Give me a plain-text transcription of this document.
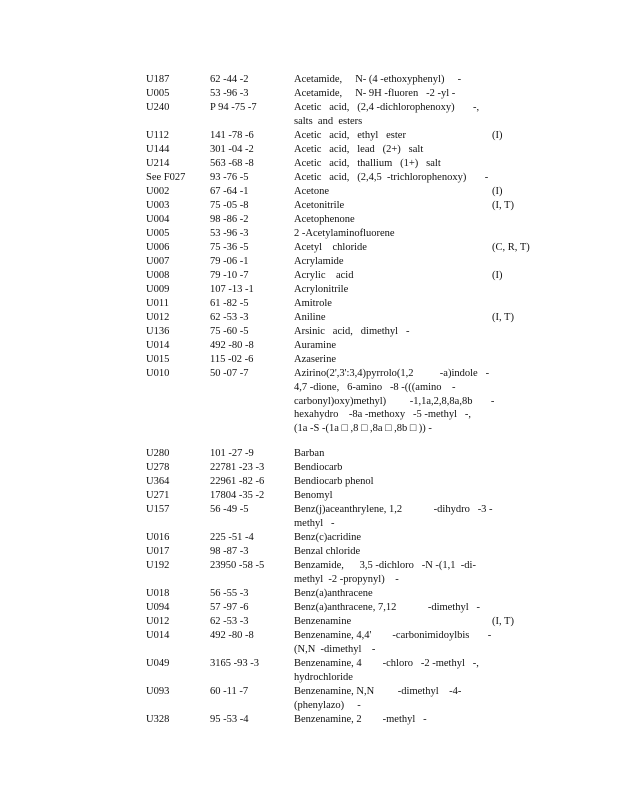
U187	62 -44 -2	Acetamide,     N- (4 -ethoxyphenyl)     -
U005	53 -96 -3	Acetamide,     N- 9H -fluoren   -2 -yl -
U240	P 94 -75 -7	Acetic   acid,   (2,4 -dichlorophenoxy)       -,
salts  and  esters
U112	141 -78 -6	Acetic   acid,   ethyl   ester	(I)
U144	301 -04 -2	Acetic   acid,   lead   (2+)   salt
U214	563 -68 -8	Acetic   acid,   thallium   (1+)   salt
See F027 93 -76 -5	Acetic   acid,   (2,4,5  -trichlorophenoxy)       -
U002	67 -64 -1	Acetone	(I)
U003	75 -05 -8	Acetonitrile	(I, T)
U004	98 -86 -2	Acetophenone
U005	53 -96 -3	2 -Acetylaminofluorene
U006	75 -36 -5	Acetyl    chloride	(C, R, T)
U007	79 -06 -1	Acrylamide
U008	79 -10 -7	Acrylic    acid	(I)
U009	107 -13 -1	Acrylonitrile
U011	61 -82 -5	Amitrole
U012	62 -53 -3	Aniline	(I, T)
U136	75 -60 -5	Arsinic   acid,   dimethyl   -
U014	492 -80 -8	Auramine
U015	115 -02 -6	Azaserine
U010	50 -07 -7	Azirino(2',3':3,4)pyrrolo(1,2          -a)indole   -
4,7 -dione,   6-amino   -8 -(((amino    -
carbonyl)oxy)methyl)         -1,1a,2,8,8a,8b       -
hexahydro    -8a -methoxy   -5 -methyl   -,
(1a -S -(1a □ ,8 □ ,8a □ ,8b □ )) -
U280	101 -27 -9	Barban
U278	22781 -23 -3	Bendiocarb
U364	22961 -82 -6	Bendiocarb phenol
U271	17804 -35 -2	Benomyl
U157	56 -49 -5	Benz(j)aceanthrylene, 1,2            -dihydro   -3 -
methyl   -
U016	225 -51 -4	Benz(c)acridine
U017	98 -87 -3	Benzal chloride
U192	23950 -58 -5	Benzamide,      3,5 -dichloro   -N -(1,1  -di-
methyl  -2 -propynyl)    -
U018	56 -55 -3	Benz(a)anthracene
U094	57 -97 -6	Benz(a)anthracene, 7,12            -dimethyl   -
U012	62 -53 -3	Benzenamine	(I, T)
U014	492 -80 -8	Benzenamine, 4,4'        -carbonimidoylbis       -
(N,N  -dimethyl    -
U049	3165 -93 -3	Benzenamine, 4        -chloro   -2 -methyl   -,
hydrochloride
U093	60 -11 -7	Benzenamine, N,N         -dimethyl    -4-
(phenylazo)     -
U328	95 -53 -4	Benzenamine, 2        -methyl   -
